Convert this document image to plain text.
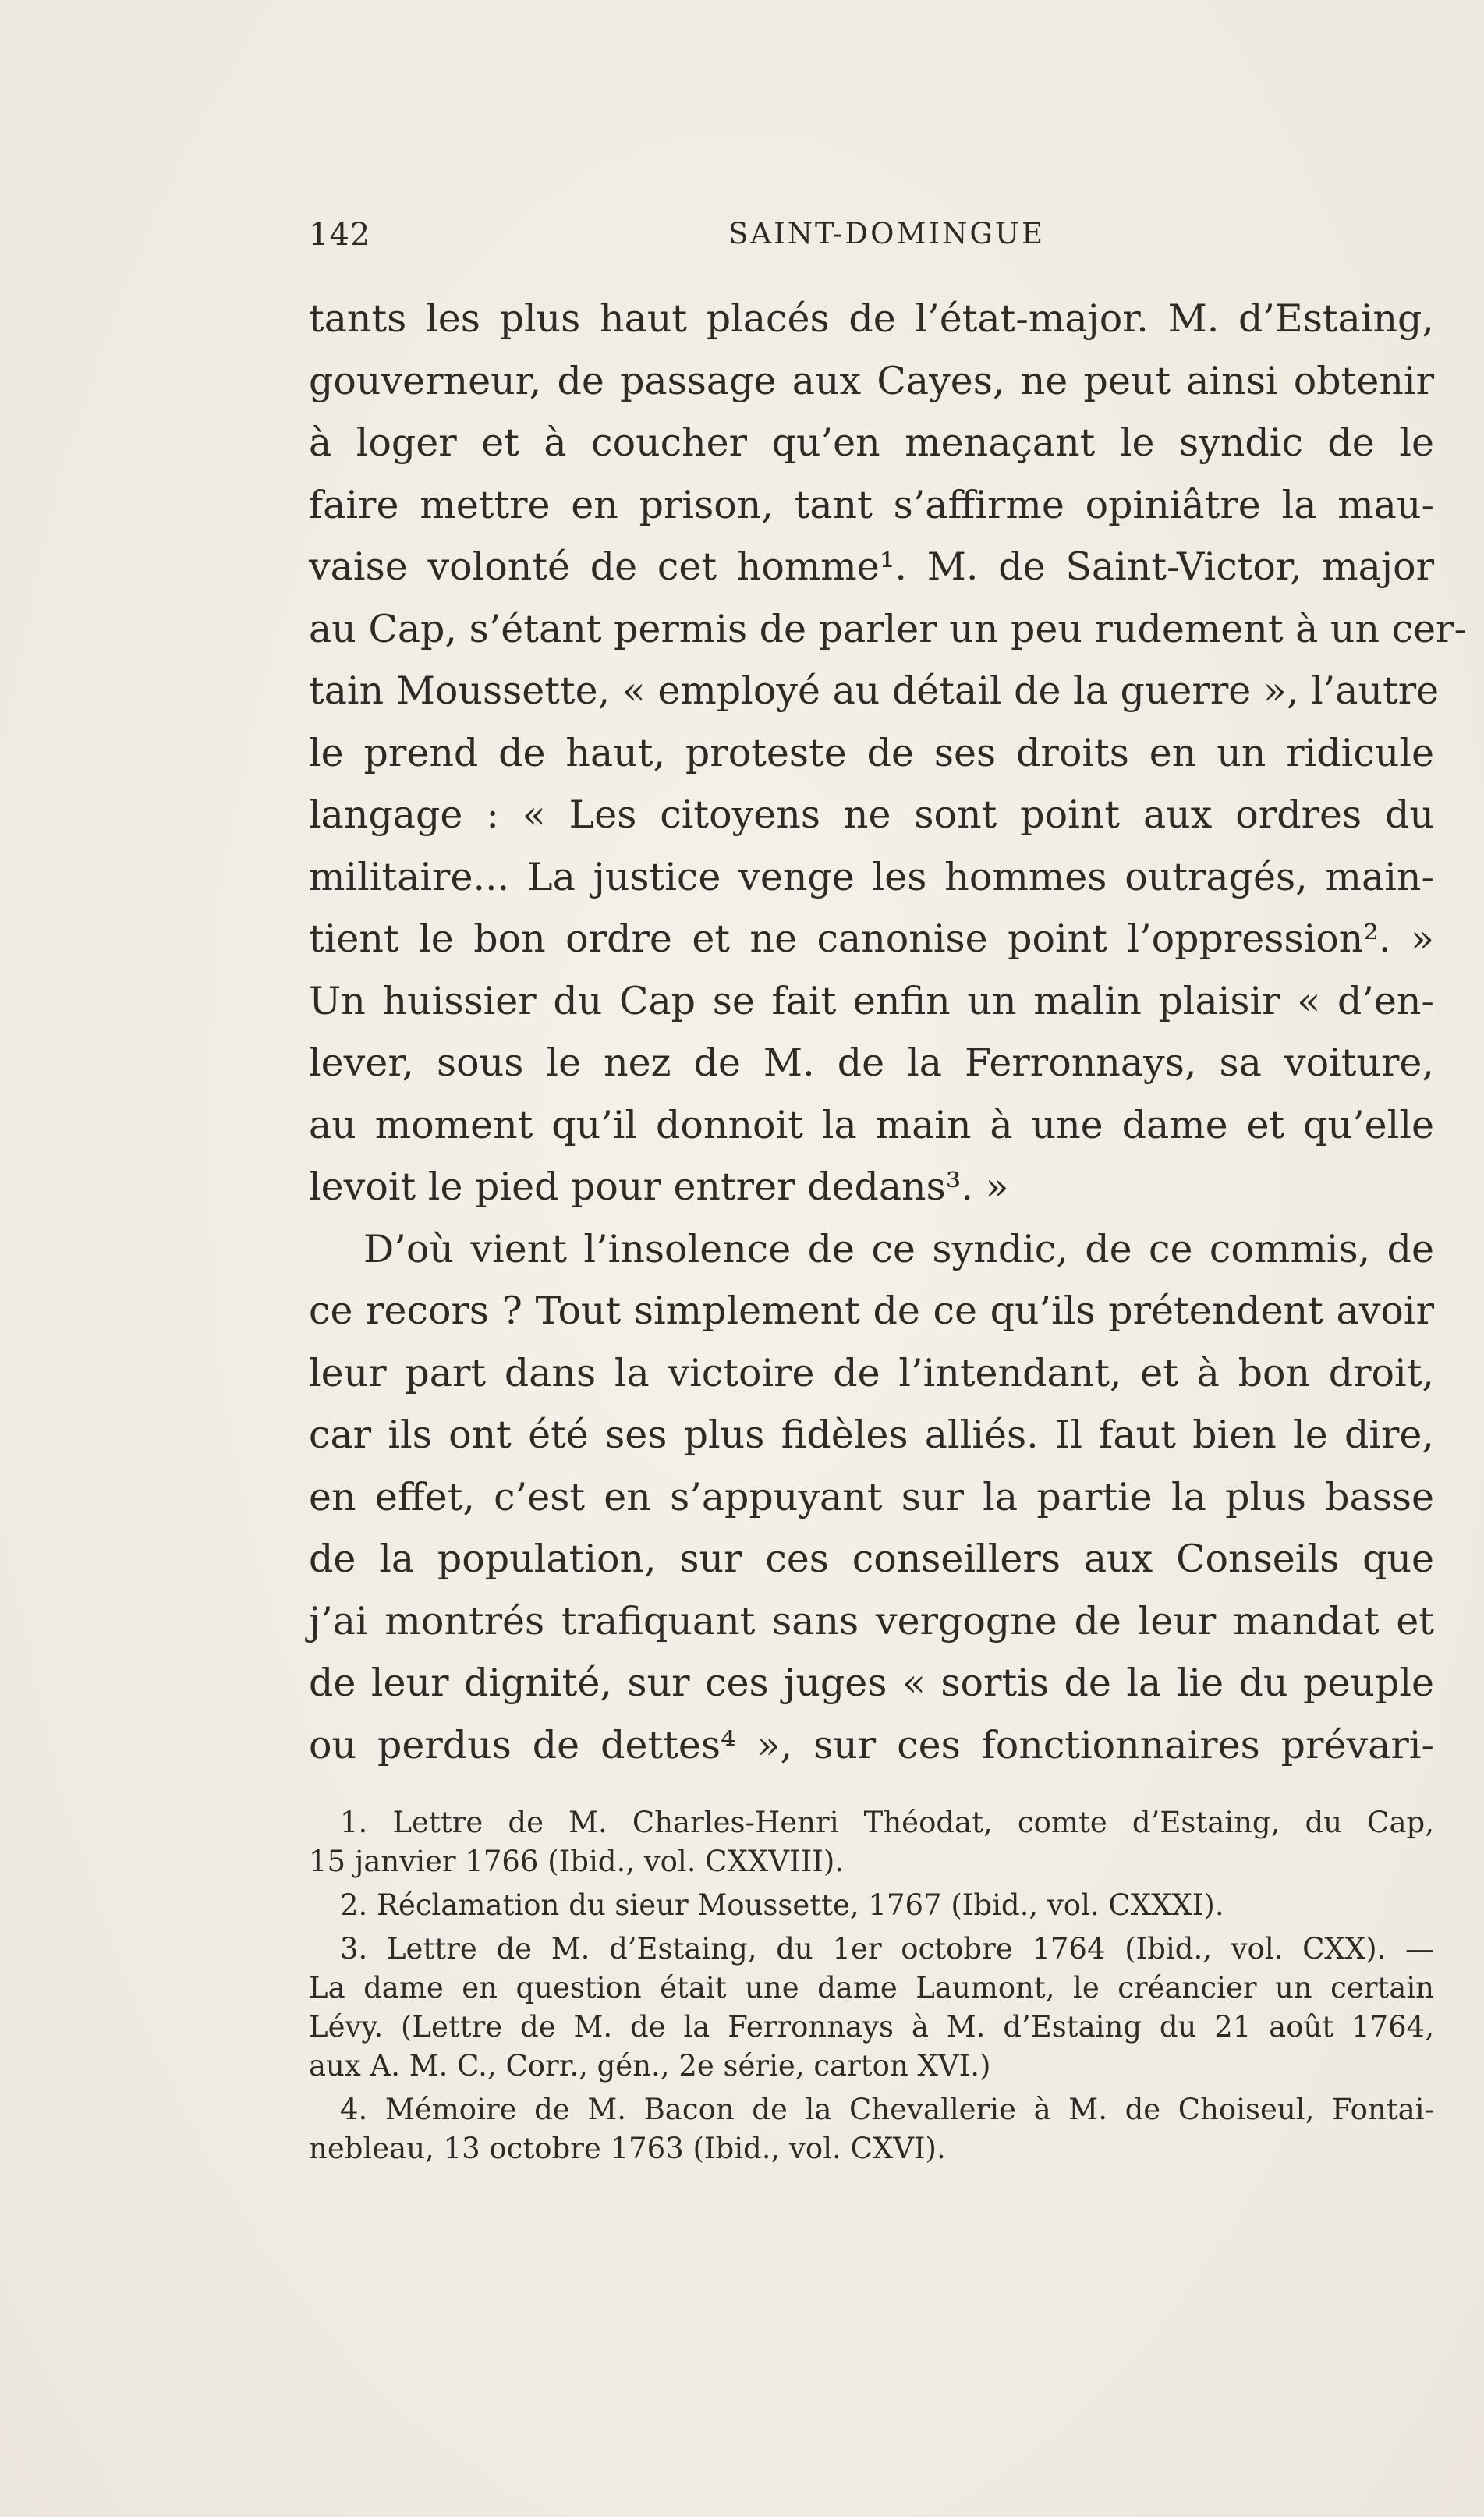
142	SAINT-DOMINGUE
tants les plus haut placés de l’état-major. M. d’Estaing,
gouverneur, de passage aux Cayes, ne peut ainsi obtenir
à loger et à coucher qu’en menaçant le syndic de le
faire mettre en prison, tant s’affirme opiniâtre la mau-
vaise volonté de cet homme¹. M. de Saint-Victor, major
au Cap, s’étant permis de parler un peu rudement à un cer-
tain Moussette, « employé au détail de la guerre », l’autre
le prend de haut, proteste de ses droits en un ridicule
langage : « Les citoyens ne sont point aux ordres du
militaire... La justice venge les hommes outragés, main-
tient le bon ordre et ne canonise point l’oppression². »
Un huissier du Cap se fait enfin un malin plaisir « d’en-
lever, sous le nez de M. de la Ferronnays, sa voiture,
au moment qu’il donnoit la main à une dame et qu’elle
levoit le pied pour entrer dedans³. »
D’où vient l’insolence de ce syndic, de ce commis, de
ce recors ? Tout simplement de ce qu’ils prétendent avoir
leur part dans la victoire de l’intendant, et à bon droit,
car ils ont été ses plus fidèles alliés. Il faut bien le dire,
en effet, c’est en s’appuyant sur la partie la plus basse
de la population, sur ces conseillers aux Conseils que
j’ai montrés trafiquant sans vergogne de leur mandat et
de leur dignité, sur ces juges « sortis de la lie du peuple
ou perdus de dettes⁴ », sur ces fonctionnaires prévari-
1. Lettre de M. Charles-Henri Théodat, comte d’Estaing, du Cap,
15 janvier 1766 (Ibid., vol. CXXVIII).
2. Réclamation du sieur Moussette, 1767 (Ibid., vol. CXXXI).
3. Lettre de M. d’Estaing, du 1er octobre 1764 (Ibid., vol. CXX). —
La dame en question était une dame Laumont, le créancier un certain
Lévy. (Lettre de M. de la Ferronnays à M. d’Estaing du 21 août 1764,
aux A. M. C., Corr., gén., 2e série, carton XVI.)
4. Mémoire de M. Bacon de la Chevallerie à M. de Choiseul, Fontai-
nebleau, 13 octobre 1763 (Ibid., vol. CXVI).
